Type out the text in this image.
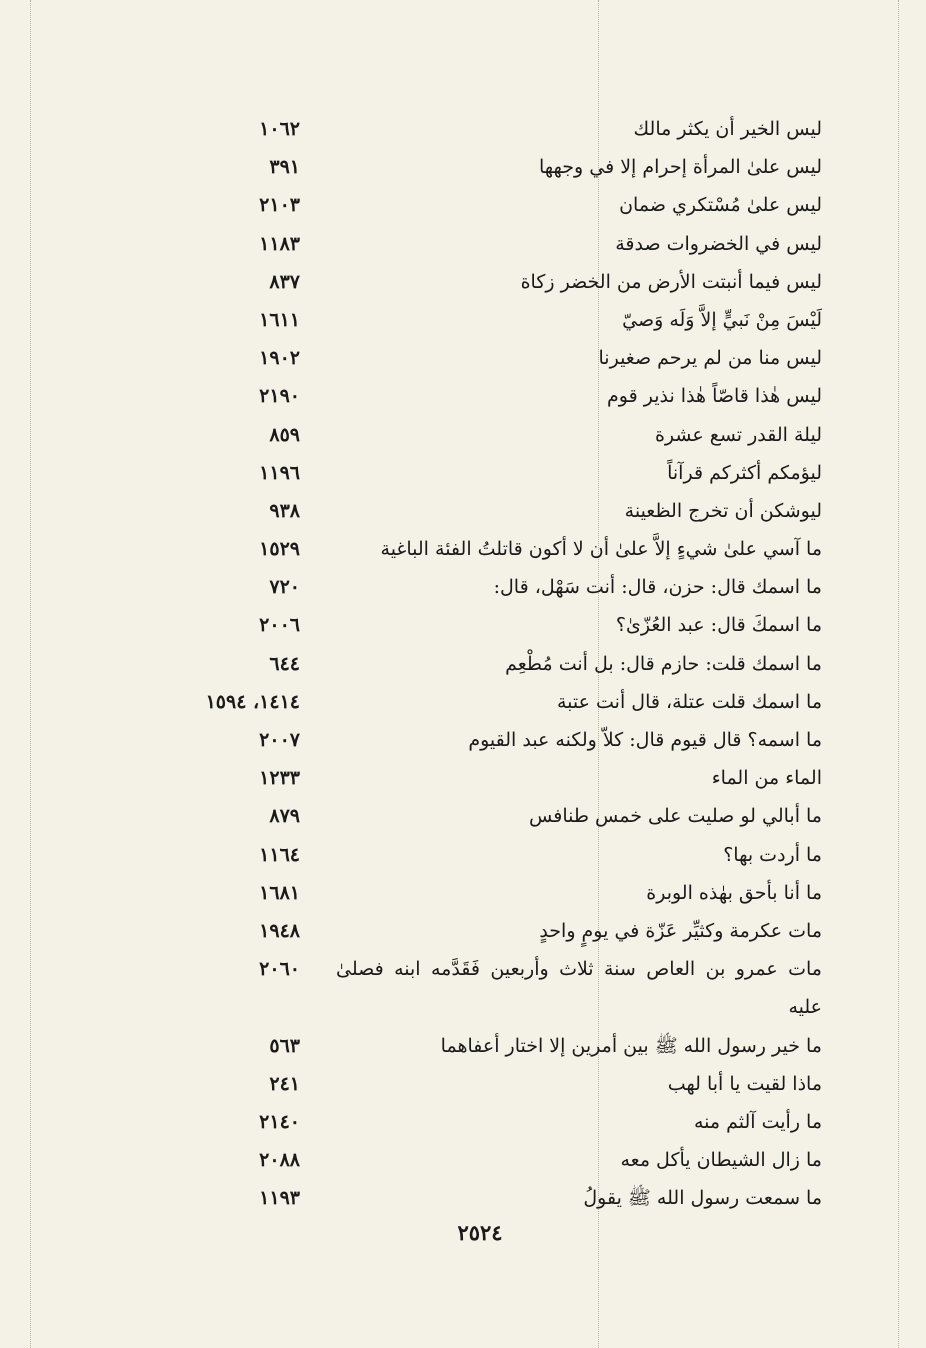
ليس الخير أن يكثر مالك
١٠٦٢
ليس علىٰ المرأة إحرام إلا في وجهها
٣٩١
ليس علىٰ مُسْتكري ضمان
٢١٠٣
ليس في الخضروات صدقة
١١٨٣
ليس فيما أنبتت الأرض من الخضر زكاة
٨٣٧
لَيْسَ مِنْ نَبيٍّ إلاَّ وَلَه وَصيّ
١٦١١
ليس منا من لم يرحم صغيرنا
١٩٠٢
ليس هٰذا قاصّاً هٰذا نذير قوم
٢١٩٠
ليلة القدر تسع عشرة
٨٥٩
ليؤمكم أكثركم قرآناً
١١٩٦
ليوشكن أن تخرج الظعينة
٩٣٨
ما آسي علىٰ شيءٍ إلاَّ علىٰ أن لا أكون قاتلتُ الفئة الباغية
١٥٢٩
ما اسمك قال: حزن، قال: أنت سَهْل، قال:
٧٢٠
ما اسمكَ قال: عبد العُزّىٰ؟
٢٠٠٦
ما اسمك قلت: حازم قال: بل أنت مُطْعِم
٦٤٤
ما اسمك قلت عتلة، قال أنت عتبة
١٤١٤، ١٥٩٤
ما اسمه؟ قال قيوم قال: كلاّ ولكنه عبد القيوم
٢٠٠٧
الماء من الماء
١٢٣٣
ما أبالي لو صليت على خمس طنافس
٨٧٩
ما أردت بها؟
١١٦٤
ما أنا بأحق بهٰذه الوبرة
١٦٨١
مات عكرمة وكثيِّر عَزّة في يومٍ واحدٍ
١٩٤٨
مات عمرو بن العاص سنة ثلاث وأربعين فَقَدَّمه ابنه فصلىٰ عليه
٢٠٦٠
ما خير رسول الله ﷺ بين أمرين إلا اختار أعفاهما
٥٦٣
ماذا لقيت يا أبا لهب
٢٤١
ما رأيت آلثم منه
٢١٤٠
ما زال الشيطان يأكل معه
٢٠٨٨
ما سمعت رسول الله ﷺ يقولُ
١١٩٣
٢٥٢٤
